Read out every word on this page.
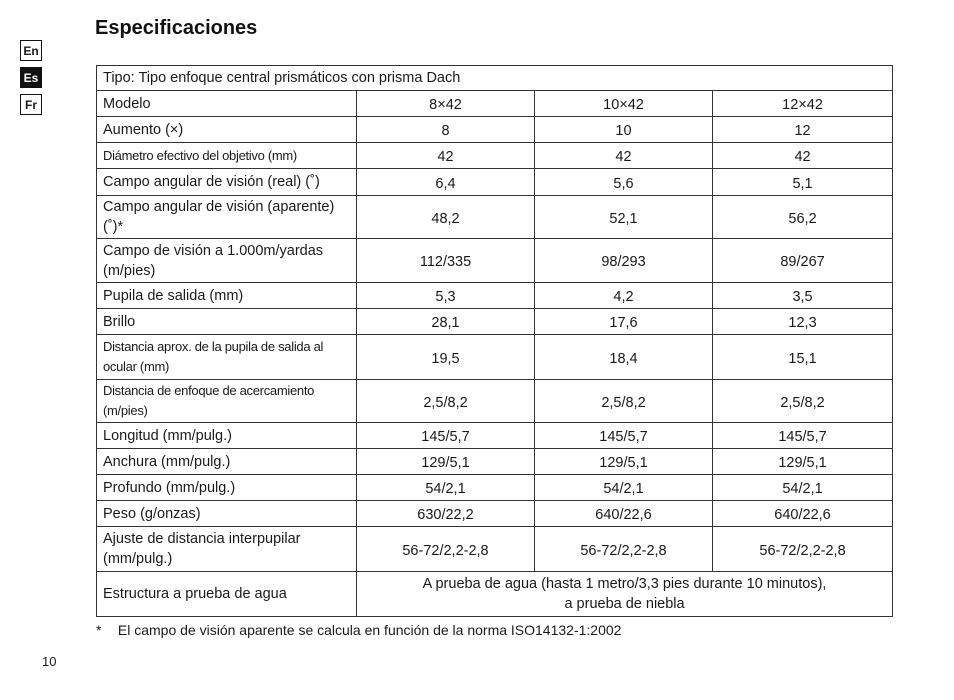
Especificaciones
En
Es
Fr
Tipo: Tipo enfoque central prismáticos con prisma Dach			
Modelo	8×42	10×42	12×42
Aumento (×)	8	10	12
Diámetro efectivo del objetivo (mm)	42	42	42
Campo angular de visión (real) (˚)	6,4	5,6	5,1
Campo angular de visión (aparente) (˚)*	48,2	52,1	56,2
Campo de visión a 1.000m/yardas (m/pies)	112/335	98/293	89/267
Pupila de salida (mm)	5,3	4,2	3,5
Brillo	28,1	17,6	12,3
Distancia aprox. de la pupila de salida al ocular (mm)	19,5	18,4	15,1
Distancia de enfoque de acercamiento (m/pies)	2,5/8,2	2,5/8,2	2,5/8,2
Longitud (mm/pulg.)	145/5,7	145/5,7	145/5,7
Anchura (mm/pulg.)	129/5,1	129/5,1	129/5,1
Profundo (mm/pulg.)	54/2,1	54/2,1	54/2,1
Peso (g/onzas)	630/22,2	640/22,6	640/22,6
Ajuste de distancia interpupilar (mm/pulg.)	56-72/2,2-2,8	56-72/2,2-2,8	56-72/2,2-2,8
Estructura a prueba de agua	A prueba de agua (hasta 1 metro/3,3 pies durante 10 minutos),
a prueba de niebla		
* El campo de visión aparente se calcula en función de la norma ISO14132-1:2002
10
